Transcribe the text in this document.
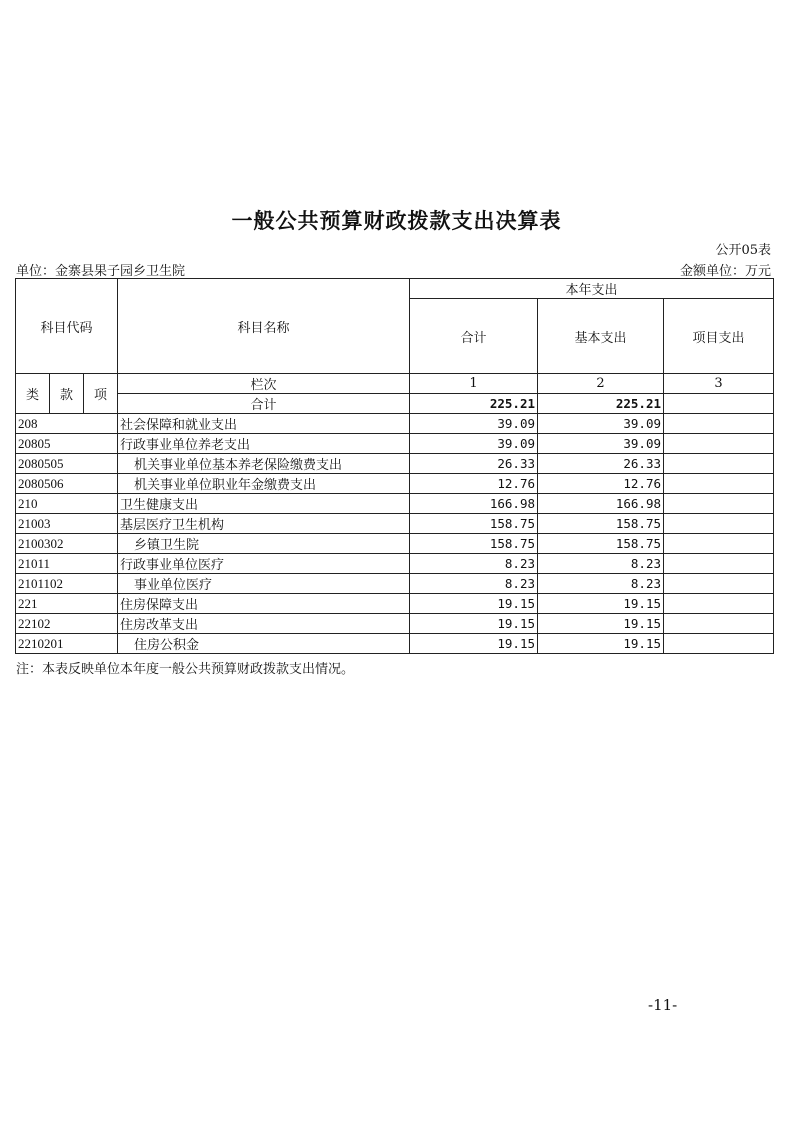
一般公共预算财政拨款支出决算表
公开05表
单位：金寨县果子园乡卫生院	金额单位：万元
科目代码			科目名称	本年支出		
				合计	基本支出	项目支出
类	款	项	栏次	1	2	3
			合计	225.21	225.21	
208			社会保障和就业支出	39.09	39.09	
20805			行政事业单位养老支出	39.09	39.09	
2080505			机关事业单位基本养老保险缴费支出	26.33	26.33	
2080506			机关事业单位职业年金缴费支出	12.76	12.76	
210			卫生健康支出	166.98	166.98	
21003			基层医疗卫生机构	158.75	158.75	
2100302			乡镇卫生院	158.75	158.75	
21011			行政事业单位医疗	8.23	8.23	
2101102			事业单位医疗	8.23	8.23	
221			住房保障支出	19.15	19.15	
22102			住房改革支出	19.15	19.15	
2210201			住房公积金	19.15	19.15	
注：本表反映单位本年度一般公共预算财政拨款支出情况。
-11-
